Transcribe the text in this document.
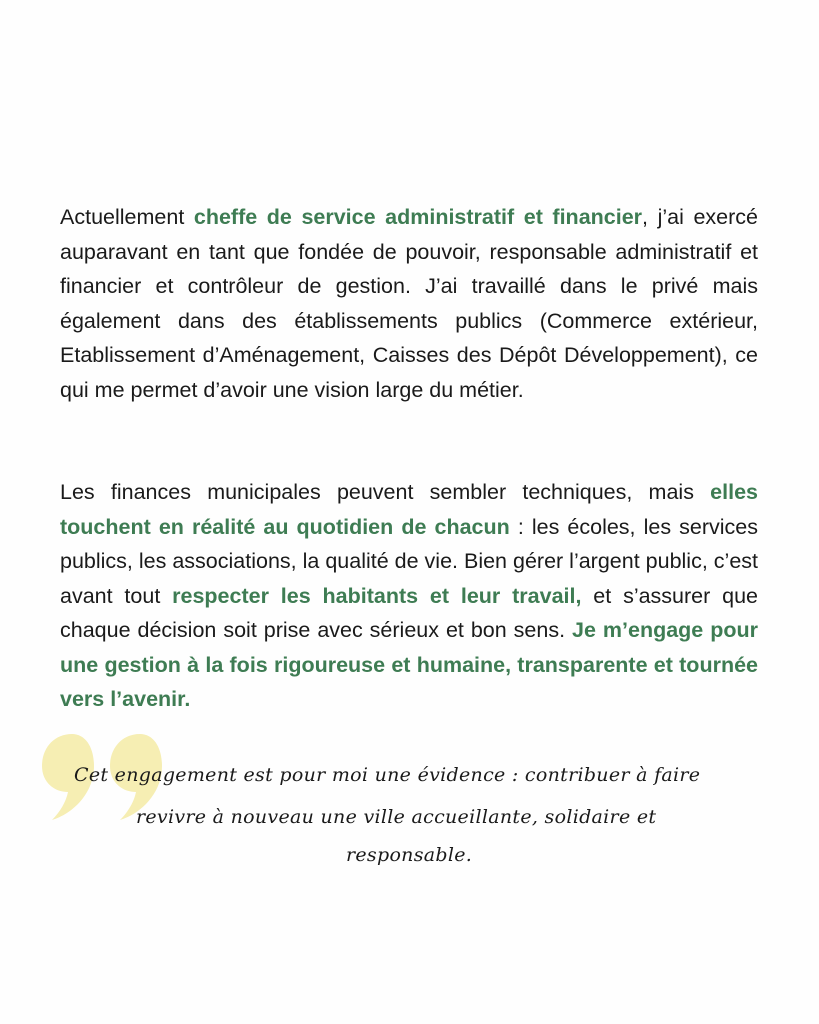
Actuellement cheffe de service administratif et financier, j’ai exercé auparavant en tant que fondée de pouvoir, responsable administratif et financier et contrôleur de gestion. J’ai travaillé dans le privé mais également dans des établissements publics (Commerce extérieur, Etablissement d’Aménagement, Caisses des Dépôt Développement), ce qui me permet d’avoir une vision large du métier.

Les finances municipales peuvent sembler techniques, mais elles touchent en réalité au quotidien de chacun : les écoles, les services publics, les associations, la qualité de vie. Bien gérer l’argent public, c’est avant tout respecter les habitants et leur travail, et s’assurer que chaque décision soit prise avec sérieux et bon sens. Je m’engage pour une gestion à la fois rigoureuse et humaine, transparente et tournée vers l’avenir.

Cet engagement est pour moi une évidence : contribuer à faire
revivre à nouveau une ville accueillante, solidaire et
responsable.
